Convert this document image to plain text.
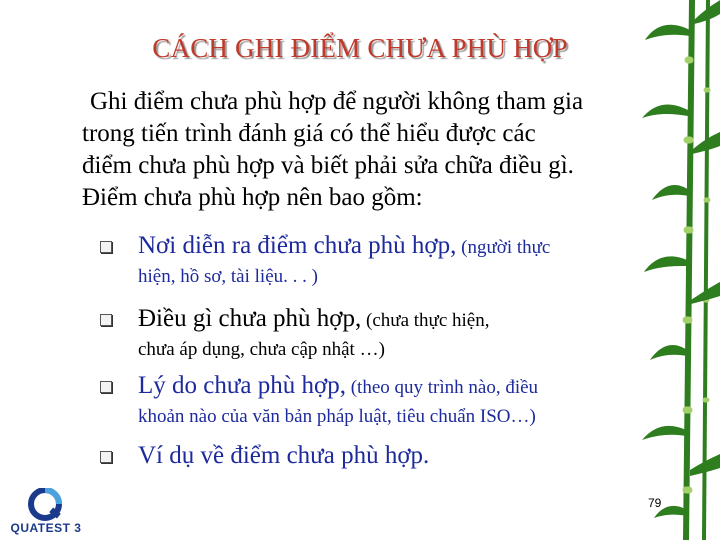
CÁCH GHI ĐIỂM CHƯA PHÙ HỢP
Ghi điểm chưa phù hợp để người không tham gia
trong tiến trình đánh giá có thể hiểu được các
điểm chưa phù hợp và biết phải sửa chữa điều gì.
Điểm chưa phù hợp nên bao gồm:
Nơi diễn ra điểm chưa phù hợp, (người thực
hiện, hồ sơ, tài liệu. . . )
Điều gì chưa phù hợp, (chưa thực hiện,
chưa áp dụng, chưa cập nhật …)
Lý do chưa phù hợp, (theo quy trình nào, điều
khoản nào của văn bản pháp luật, tiêu chuẩn ISO…)
Ví dụ về điểm chưa phù hợp.
79
QUATEST 3
